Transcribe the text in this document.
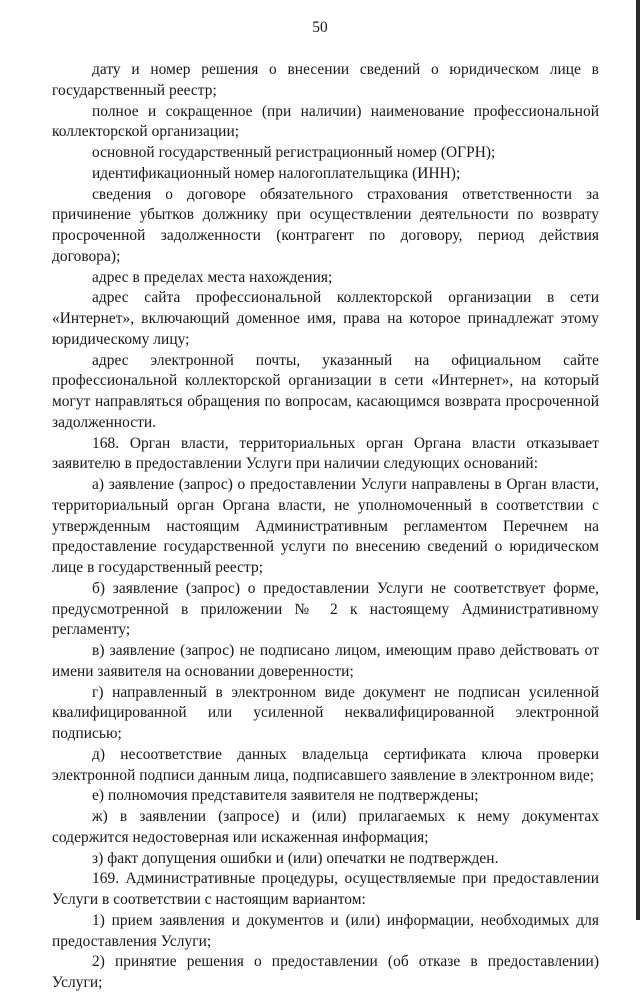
50

дату и номер решения о внесении сведений о юридическом лице в государственный реестр;

полное и сокращенное (при наличии) наименование профессиональной коллекторской организации;

основной государственный регистрационный номер (ОГРН);

идентификационный номер налогоплательщика (ИНН);

сведения о договоре обязательного страхования ответственности за причинение убытков должнику при осуществлении деятельности по возврату просроченной задолженности (контрагент по договору, период действия договора);

адрес в пределах места нахождения;

адрес сайта профессиональной коллекторской организации в сети «Интернет», включающий доменное имя, права на которое принадлежат этому юридическому лицу;

адрес электронной почты, указанный на официальном сайте профессиональной коллекторской организации в сети «Интернет», на который могут направляться обращения по вопросам, касающимся возврата просроченной задолженности.

168. Орган власти, территориальных орган Органа власти отказывает заявителю в предоставлении Услуги при наличии следующих оснований:

а) заявление (запрос) о предоставлении Услуги направлены в Орган власти, территориальный орган Органа власти, не уполномоченный в соответствии с утвержденным настоящим Административным регламентом Перечнем на предоставление государственной услуги по внесению сведений о юридическом лице в государственный реестр;

б) заявление (запрос) о предоставлении Услуги не соответствует форме, предусмотренной в приложении № 2 к настоящему Административному регламенту;

в) заявление (запрос) не подписано лицом, имеющим право действовать от имени заявителя на основании доверенности;

г) направленный в электронном виде документ не подписан усиленной квалифицированной или усиленной неквалифицированной электронной подписью;

д) несоответствие данных владельца сертификата ключа проверки электронной подписи данным лица, подписавшего заявление в электронном виде;

е) полномочия представителя заявителя не подтверждены;

ж) в заявлении (запросе) и (или) прилагаемых к нему документах содержится недостоверная или искаженная информация;

з) факт допущения ошибки и (или) опечатки не подтвержден.

169. Административные процедуры, осуществляемые при предоставлении Услуги в соответствии с настоящим вариантом:

1) прием заявления и документов и (или) информации, необходимых для предоставления Услуги;

2) принятие решения о предоставлении (об отказе в предоставлении) Услуги;
